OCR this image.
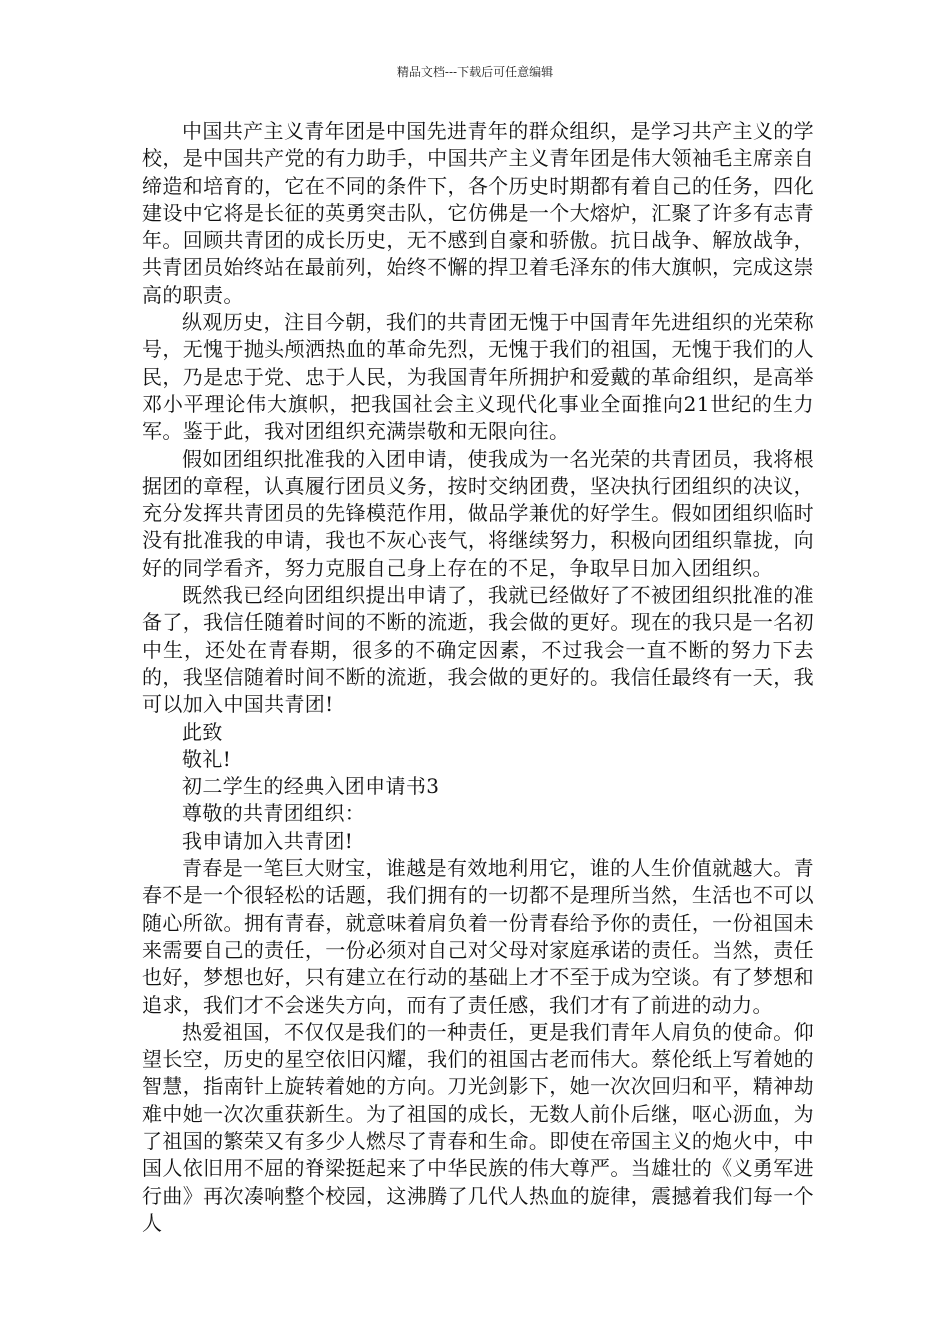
精品文档---下载后可任意编辑

中国共产主义青年团是中国先进青年的群众组织，是学习共产主义的学校，是中国共产党的有力助手，中国共产主义青年团是伟大领袖毛主席亲自缔造和培育的，它在不同的条件下，各个历史时期都有着自己的任务，四化建设中它将是长征的英勇突击队，它仿佛是一个大熔炉，汇聚了许多有志青年。回顾共青团的成长历史，无不感到自豪和骄傲。抗日战争、解放战争，共青团员始终站在最前列，始终不懈的捍卫着毛泽东的伟大旗帜，完成这崇高的职责。

纵观历史，注目今朝，我们的共青团无愧于中国青年先进组织的光荣称号，无愧于抛头颅洒热血的革命先烈，无愧于我们的祖国，无愧于我们的人民，乃是忠于党、忠于人民，为我国青年所拥护和爱戴的革命组织，是高举邓小平理论伟大旗帜，把我国社会主义现代化事业全面推向21世纪的生力军。鉴于此，我对团组织充满崇敬和无限向往。

假如团组织批准我的入团申请，使我成为一名光荣的共青团员，我将根据团的章程，认真履行团员义务，按时交纳团费，坚决执行团组织的决议，充分发挥共青团员的先锋模范作用，做品学兼优的好学生。假如团组织临时没有批准我的申请，我也不灰心丧气，将继续努力，积极向团组织靠拢，向好的同学看齐，努力克服自己身上存在的不足，争取早日加入团组织。

既然我已经向团组织提出申请了，我就已经做好了不被团组织批准的准备了，我信任随着时间的不断的流逝，我会做的更好。现在的我只是一名初中生，还处在青春期，很多的不确定因素，不过我会一直不断的努力下去的，我坚信随着时间不断的流逝，我会做的更好的。我信任最终有一天，我可以加入中国共青团!

此致

敬礼!

初二学生的经典入团申请书3

尊敬的共青团组织：

我申请加入共青团!

青春是一笔巨大财宝，谁越是有效地利用它，谁的人生价值就越大。青春不是一个很轻松的话题，我们拥有的一切都不是理所当然，生活也不可以随心所欲。拥有青春，就意味着肩负着一份青春给予你的责任，一份祖国未来需要自己的责任，一份必须对自己对父母对家庭承诺的责任。当然，责任也好，梦想也好，只有建立在行动的基础上才不至于成为空谈。有了梦想和追求，我们才不会迷失方向，而有了责任感，我们才有了前进的动力。

热爱祖国，不仅仅是我们的一种责任，更是我们青年人肩负的使命。仰望长空，历史的星空依旧闪耀，我们的祖国古老而伟大。蔡伦纸上写着她的智慧，指南针上旋转着她的方向。刀光剑影下，她一次次回归和平，精神劫难中她一次次重获新生。为了祖国的成长，无数人前仆后继，呕心沥血，为了祖国的繁荣又有多少人燃尽了青春和生命。即使在帝国主义的炮火中，中国人依旧用不屈的脊梁挺起来了中华民族的伟大尊严。当雄壮的《义勇军进行曲》再次凑响整个校园，这沸腾了几代人热血的旋律，震撼着我们每一个人
